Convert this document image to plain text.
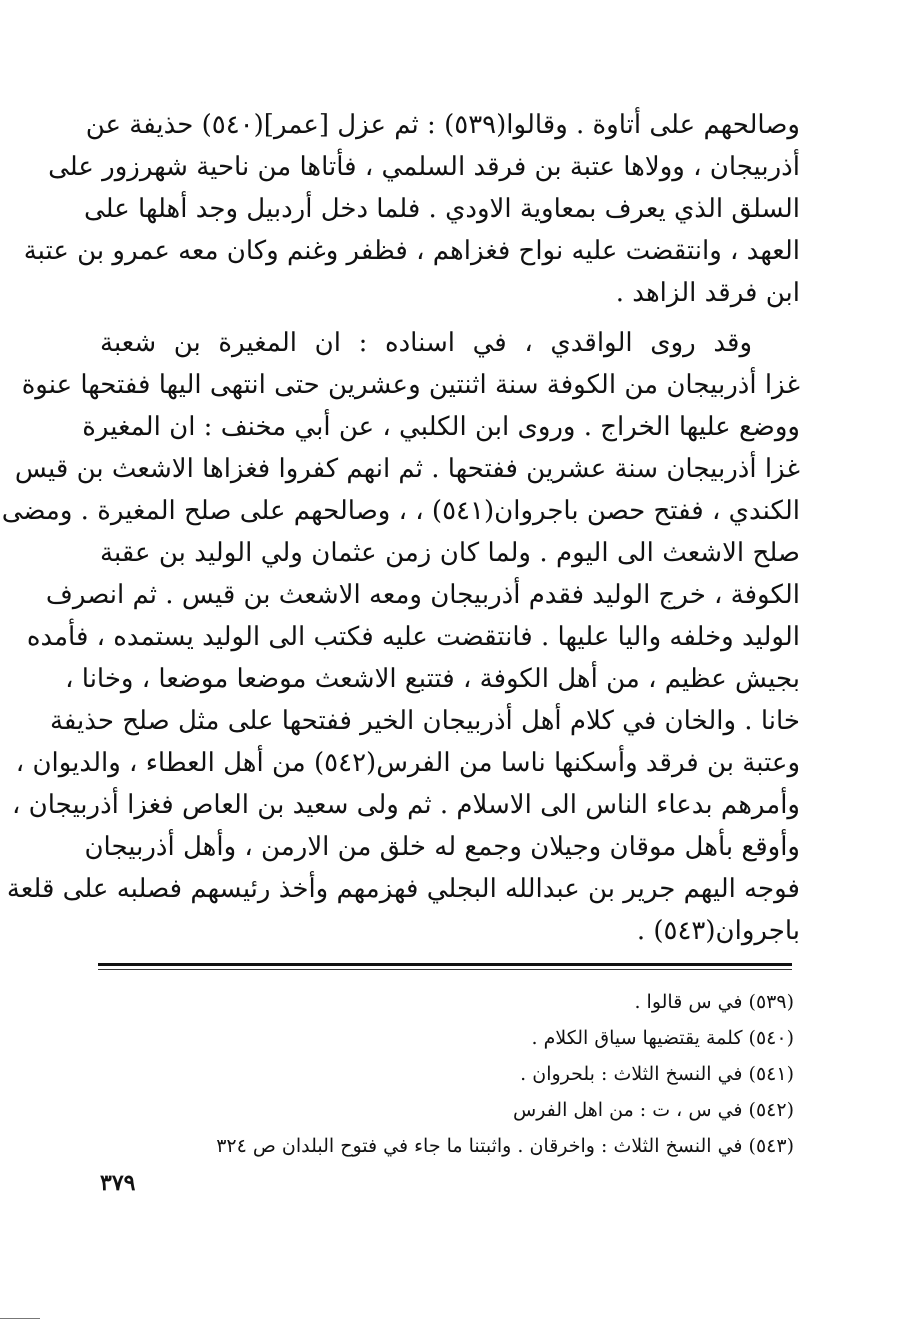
وصالحهم على أتاوة . وقالوا(٥٣٩) : ثم عزل [عمر](٥٤٠) حذيفة عن
أذربيجان ، وولاها عتبة بن فرقد السلمي ، فأتاها من ناحية شهرزور على
السلق الذي يعرف بمعاوية الاودي . فلما دخل أردبيل وجد أهلها على
العهد ، وانتقضت عليه نواح فغزاهم ، فظفر وغنم وكان معه عمرو بن عتبة
ابن فرقد الزاهد .
وقد روى الواقدي ، في اسناده : ان المغيرة بن شعبة
غزا أذربيجان من الكوفة سنة اثنتين وعشرين حتى انتهى اليها ففتحها عنوة
ووضع عليها الخراج . وروى ابن الكلبي ، عن أبي مخنف : ان المغيرة
غزا أذربيجان سنة عشرين ففتحها . ثم انهم كفروا فغزاها الاشعث بن قيس
الكندي ، ففتح حصن باجروان(٥٤١) ، ، وصالحهم على صلح المغيرة . ومضى
صلح الاشعث الى اليوم . ولما كان زمن عثمان ولي الوليد بن عقبة
الكوفة ، خرج الوليد فقدم أذربيجان ومعه الاشعث بن قيس . ثم انصرف
الوليد وخلفه واليا عليها . فانتقضت عليه فكتب الى الوليد يستمده ، فأمده
بجيش عظيم ، من أهل الكوفة ، فتتبع الاشعث موضعا موضعا ، وخانا ،
خانا . والخان في كلام أهل أذربيجان الخير ففتحها على مثل صلح حذيفة
وعتبة بن فرقد وأسكنها ناسا من الفرس(٥٤٢) من أهل العطاء ، والديوان ،
وأمرهم بدعاء الناس الى الاسلام . ثم ولى سعيد بن العاص فغزا أذربيجان ،
وأوقع بأهل موقان وجيلان وجمع له خلق من الارمن ، وأهل أذربيجان
فوجه اليهم جرير بن عبدالله البجلي فهزمهم وأخذ رئيسهم فصلبه على قلعة
باجروان(٥٤٣) .
(٥٣٩) في س قالوا .
(٥٤٠) كلمة يقتضيها سياق الكلام .
(٥٤١) في النسخ الثلاث : بلحروان .
(٥٤٢) في س ، ت : من اهل الفرس
(٥٤٣) في النسخ الثلاث : واخرقان . واثبتنا ما جاء في فتوح البلدان ص ٣٢٤
٣٧٩
